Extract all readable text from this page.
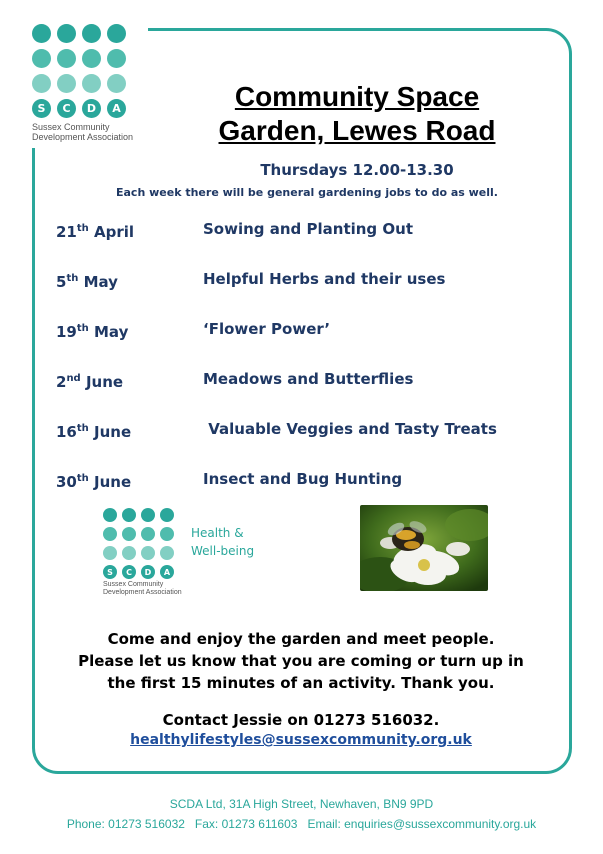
S	C	D	A
Sussex Community
Development Association
Community Space
Garden, Lewes Road
Thursdays 12.00-13.30
Each week there will be general gardening jobs to do as well.
21th April	Sowing and Planting Out
5th May	Helpful Herbs and their uses
19th May	‘Flower Power’
2nd June	Meadows and Butterflies
16th June	Valuable Veggies and Tasty Treats
30th June	Insect and Bug Hunting
S	C	D	A
Sussex Community
Development Association
Health &
Well-being
Come and enjoy the garden and meet people.
Please let us know that you are coming or turn up in
the first 15 minutes of an activity. Thank you.
Contact Jessie on 01273 516032.
healthylifestyles@sussexcommunity.org.uk
SCDA Ltd, 31A High Street, Newhaven, BN9 9PD
Phone: 01273 516032   Fax: 01273 611603   Email: enquiries@sussexcommunity.org.uk
